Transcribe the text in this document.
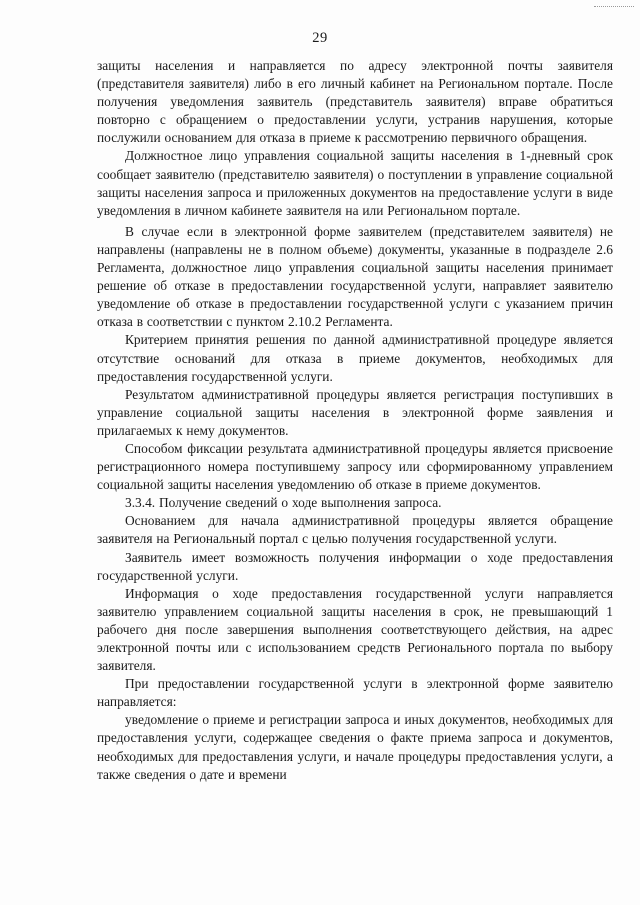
29

защиты населения и направляется по адресу электронной почты заявителя (представителя заявителя) либо в его личный кабинет на Региональном портале. После получения уведомления заявитель (представитель заявителя) вправе обратиться повторно с обращением о предоставлении услуги, устранив нарушения, которые послужили основанием для отказа в приеме к рассмотрению первичного обращения.

Должностное лицо управления социальной защиты населения в 1-дневный срок сообщает заявителю (представителю заявителя) о поступлении в управление социальной защиты населения запроса и приложенных документов на предоставление услуги в виде уведомления в личном кабинете заявителя на или Региональном портале.

В случае если в электронной форме заявителем (представителем заявителя) не направлены (направлены не в полном объеме) документы, указанные в подразделе 2.6 Регламента, должностное лицо управления социальной защиты населения принимает решение об отказе в предоставлении государственной услуги, направляет заявителю уведомление об отказе в предоставлении государственной услуги с указанием причин отказа в соответствии с пунктом 2.10.2 Регламента.

Критерием принятия решения по данной административной процедуре является отсутствие оснований для отказа в приеме документов, необходимых для предоставления государственной услуги.

Результатом административной процедуры является регистрация поступивших в управление социальной защиты населения в электронной форме заявления и прилагаемых к нему документов.

Способом фиксации результата административной процедуры является присвоение регистрационного номера поступившему запросу или сформированному управлением социальной защиты населения уведомлению об отказе в приеме документов.

3.3.4. Получение сведений о ходе выполнения запроса.

Основанием для начала административной процедуры является обращение заявителя на Региональный портал с целью получения государственной услуги.

Заявитель имеет возможность получения информации о ходе предоставления государственной услуги.

Информация о ходе предоставления государственной услуги направляется заявителю управлением социальной защиты населения в срок, не превышающий 1 рабочего дня после завершения выполнения соответствующего действия, на адрес электронной почты или с использованием средств Регионального портала по выбору заявителя.

При предоставлении государственной услуги в электронной форме заявителю направляется:

уведомление о приеме и регистрации запроса и иных документов, необходимых для предоставления услуги, содержащее сведения о факте приема запроса и документов, необходимых для предоставления услуги, и начале процедуры предоставления услуги, а также сведения о дате и времени
